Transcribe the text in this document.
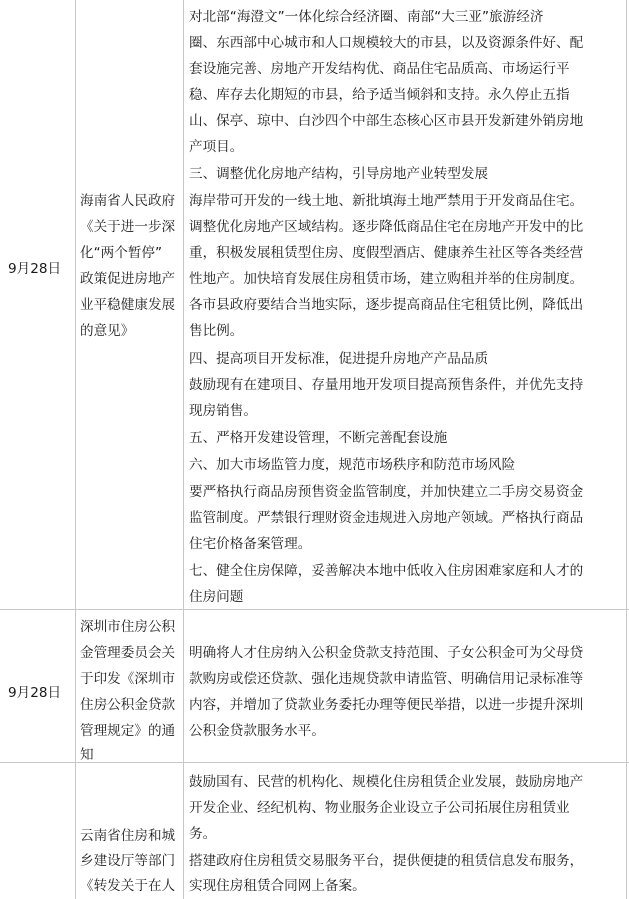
9月28日
海南省人民政府
《关于进一步深
化“两个暂停”
政策促进房地产
业平稳健康发展
的意见》
对北部“海澄文”一体化综合经济圈、南部“大三亚”旅游经济
圈、东西部中心城市和人口规模较大的市县，以及资源条件好、配
套设施完善、房地产开发结构优、商品住宅品质高、市场运行平
稳、库存去化期短的市县，给予适当倾斜和支持。永久停止五指
山、保亭、琼中、白沙四个中部生态核心区市县开发新建外销房地
产项目。
三、调整优化房地产结构，引导房地产业转型发展
海岸带可开发的一线土地、新批填海土地严禁用于开发商品住宅。
调整优化房地产区域结构。逐步降低商品住宅在房地产开发中的比
重，积极发展租赁型住房、度假型酒店、健康养生社区等各类经营
性地产。加快培育发展住房租赁市场，建立购租并举的住房制度。
各市县政府要结合当地实际，逐步提高商品住宅租赁比例，降低出
售比例。
四、提高项目开发标准，促进提升房地产产品品质
鼓励现有在建项目、存量用地开发项目提高预售条件，并优先支持
现房销售。
五、严格开发建设管理，不断完善配套设施
六、加大市场监管力度，规范市场秩序和防范市场风险
要严格执行商品房预售资金监管制度，并加快建立二手房交易资金
监管制度。严禁银行理财资金违规进入房地产领域。严格执行商品
住宅价格备案管理。
七、健全住房保障，妥善解决本地中低收入住房困难家庭和人才的
住房问题
9月28日
深圳市住房公积
金管理委员会关
于印发《深圳市
住房公积金贷款
管理规定》的通
知
明确将人才住房纳入公积金贷款支持范围、子女公积金可为父母贷
款购房或偿还贷款、强化违规贷款申请监管、明确信用记录标准等
内容，并增加了贷款业务委托办理等便民举措，以进一步提升深圳
公积金贷款服务水平。
云南省住房和城
乡建设厅等部门
《转发关于在人
鼓励国有、民营的机构化、规模化住房租赁企业发展，鼓励房地产
开发企业、经纪机构、物业服务企业设立子公司拓展住房租赁业
务。
搭建政府住房租赁交易服务平台，提供便捷的租赁信息发布服务，
实现住房租赁合同网上备案。
